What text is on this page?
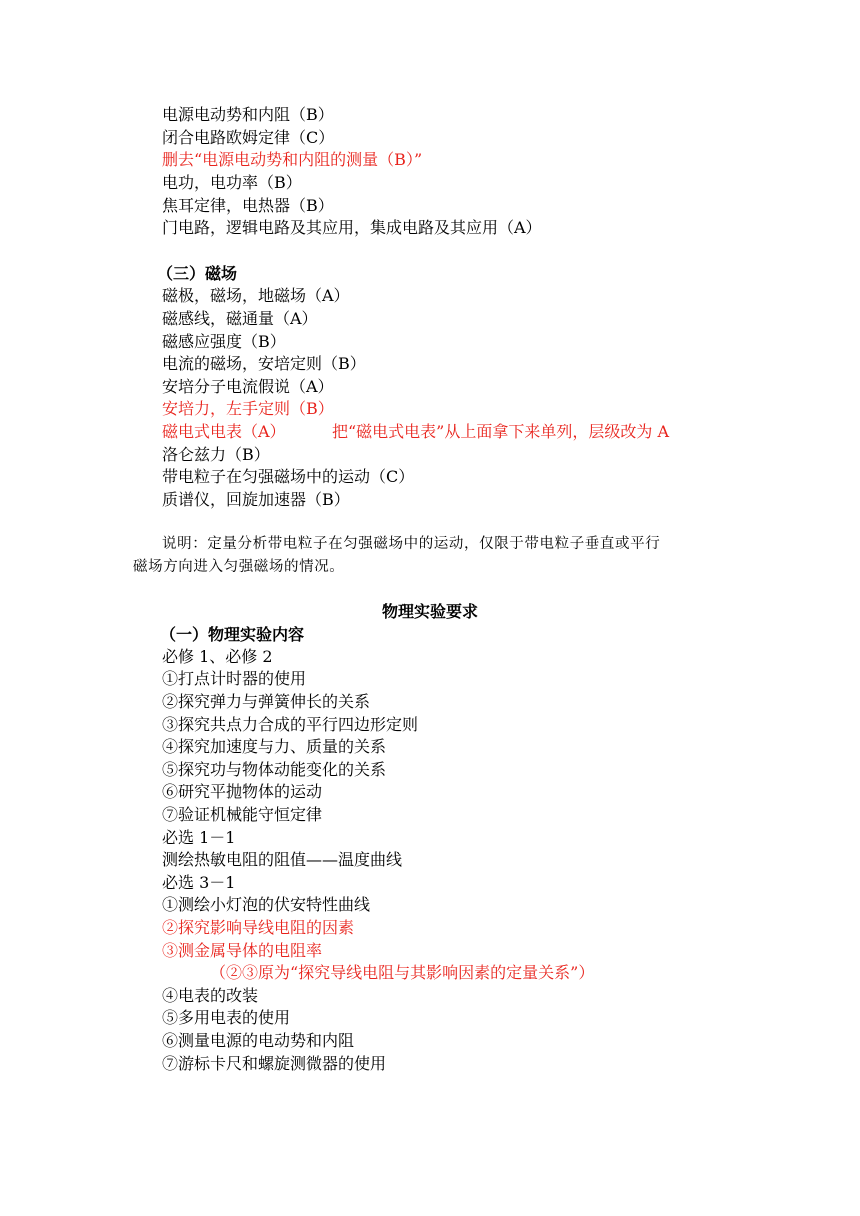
电源电动势和内阻（B）
闭合电路欧姆定律（C）
删去“电源电动势和内阻的测量（B）”
电功，电功率（B）
焦耳定律，电热器（B）
门电路，逻辑电路及其应用，集成电路及其应用（A）
（三）磁场
磁极，磁场，地磁场（A）
磁感线，磁通量（A）
磁感应强度（B）
电流的磁场，安培定则（B）
安培分子电流假说（A）
安培力，左手定则（B）
磁电式电表（A）	把“磁电式电表”从上面拿下来单列，层级改为 A
洛仑兹力（B）
带电粒子在匀强磁场中的运动（C）
质谱仪，回旋加速器（B）
说明：定量分析带电粒子在匀强磁场中的运动，仅限于带电粒子垂直或平行
磁场方向进入匀强磁场的情况。
物理实验要求
（一）物理实验内容
必修 1、必修 2
①打点计时器的使用
②探究弹力与弹簧伸长的关系
③探究共点力合成的平行四边形定则
④探究加速度与力、质量的关系
⑤探究功与物体动能变化的关系
⑥研究平抛物体的运动
⑦验证机械能守恒定律
必选 1－1
测绘热敏电阻的阻值——温度曲线
必选 3－1
①测绘小灯泡的伏安特性曲线
②探究影响导线电阻的因素
③测金属导体的电阻率
（②③原为“探究导线电阻与其影响因素的定量关系”）
④电表的改装
⑤多用电表的使用
⑥测量电源的电动势和内阻
⑦游标卡尺和螺旋测微器的使用
